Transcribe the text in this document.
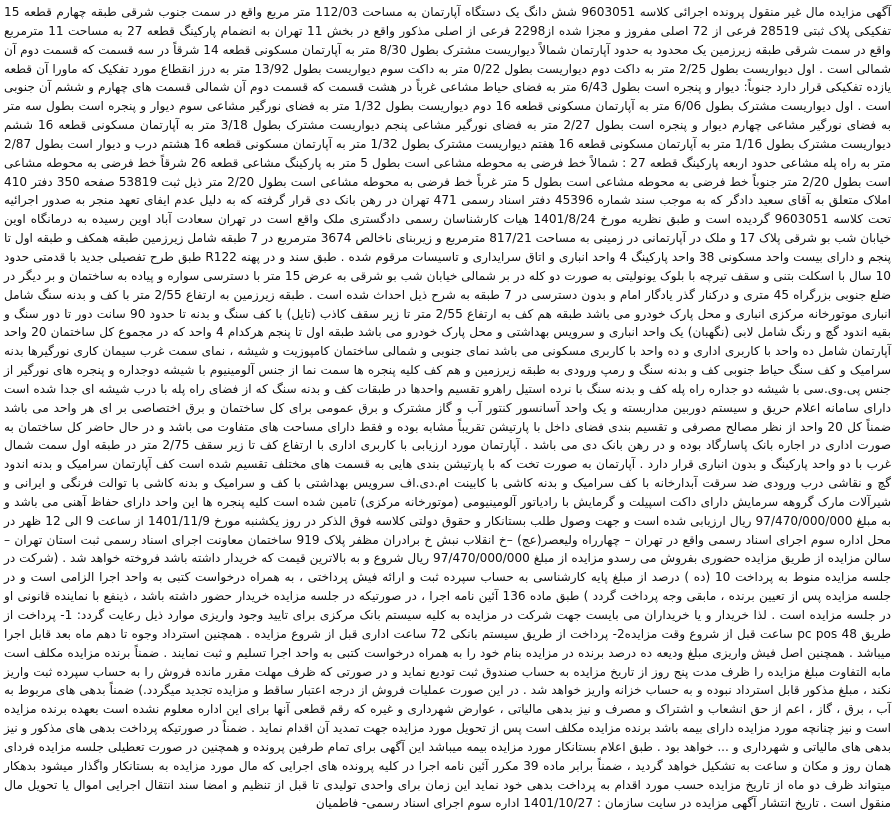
آگهی مزایده مال غیر منقول پرونده اجرائی کلاسه 9603051 شش دانگ یک دستگاه آپارتمان به مساحت 112/03 متر مربع واقع در سمت جنوب شرقی طبقه چهارم قطعه 15 تفکیکی پلاک ثبتی 28519 فرعی از 72 اصلی مفروز و مجزا شده از2298 فرعی از اصلی مذکور واقع در بخش 11 تهران به انضمام پارکینگ قطعه 27 به مساحت 11 مترمربع واقع در سمت شرقی طبقه زیرزمین یک محدود به حدود آپارتمان شمالاً دیواریست مشترک بطول 8/30 متر به آپارتمان مسکونی قطعه 14 شرقاً در سه قسمت که قسمت دوم آن شمالی است . اول دیواریست بطول 2/25 متر به داکت دوم دیواریست بطول 0/22 متر به داکت سوم دیواریست بطول 13/92 متر به درز انقطاع مورد تفکیک که ماورا آن قطعه یازده تفکیکی قرار دارد جنوباً: دیوار و پنجره است بطول 6/43 متر به فضای حیاط مشاعی غرباً در هشت قسمت که قسمت دوم آن شمالی قسمت های چهارم و ششم آن جنوبی است . اول دیواریست مشترک بطول 6/06 متر به آپارتمان مسکونی قطعه 16 دوم دیواریست بطول 1/32 متر به فضای نورگیر مشاعی سوم دیوار و پنجره است بطول سه متر به فضای نورگیر مشاعی چهارم دیوار و پنجره است بطول 2/27 متر به فضای نورگیر مشاعی پنجم دیواریست مشترک بطول 3/18 متر به آپارتمان مسکونی قطعه 16 ششم دیواریست مشترک بطول 1/16 متر به آپارتمان مسکونی قطعه 16 هفتم دیواریست مشترک بطول 1/32 متر به آپارتمان مسکونی قطعه 16 هشتم درب و دیوار است بطول 2/87 متر به راه پله مشاعی حدود اربعه پارکینگ قطعه 27 : شمالاً خط فرضی به محوطه مشاعی است بطول 5 متر به پارکینگ مشاعی قطعه 26 شرقاً خط فرضی به محوطه مشاعی است بطول 2/20 متر جنوباً خط فرضی به محوطه مشاعی است بطول 5 متر غرباً خط فرضی به محوطه مشاعی است بطول 2/20 متر ذیل ثبت 53819 صفحه 350 دفتر 410 املاک متعلق به آقای سعید دادگر که به موجب سند شماره 45396 دفتر اسناد رسمی 471 تهران در رهن بانک دی قرار گرفته که به دلیل عدم ایفای تعهد منجر به صدور اجرائیه تحت کلاسه 9603051 گردیده است و طبق نظریه مورخ 1401/8/24 هیات کارشناسان رسمی دادگستری ملک واقع است در تهران سعادت آباد اوین رسیده به درمانگاه اوین خیابان شب بو شرقی پلاک 17 و ملک در آپارتمانی در زمینی به مساحت 817/21 مترمربع و زیربنای ناخالص 3674 مترمربع در 7 طبقه شامل زیرزمین طبقه همکف و طبقه اول تا پنجم و دارای بیست واحد مسکونی 38 واحد پارکینگ 4 واحد انباری و اتاق سرایداری و تاسیسات مرقوم شده . طبق سند و در پهنه R122 طبق طرح تفصیلی جدید با قدمتی حدود 10 سال با اسکلت بتنی و سقف تیرچه با بلوک یونولیتی به صورت دو کله در بر شمالی خیابان شب بو شرقی به عرض 15 متر با دسترسی سواره و پیاده به ساختمان و بر دیگر در ضلع جنوبی بزرگراه 45 متری و درکنار گذر یادگار امام و بدون دسترسی در 7 طبقه به شرح ذیل احداث شده است . طبقه زیرزمین به ارتفاع 2/55 متر با کف و بدنه سنگ شامل انباری موتورخانه مرکزی انباری و محل پارک خودرو می باشد طبقه هم کف به ارتفاع 2/55 متر تا زیر سقف کاذب (تایل) با کف سنگ و بدنه تا حدود 90 سانت دور تا دور سنگ و بقیه اندود گچ و رنگ شامل لابی (نگهبان) یک واحد انباری و سرویس بهداشتی و محل پارک خودرو می باشد طبقه اول تا پنجم هرکدام 4 واحد که در مجموع کل ساختمان 20 واحد آپارتمان شامل ده واحد با کاربری اداری و ده واحد با کاربری مسکونی می باشد نمای جنوبی و شمالی ساختمان کامپوزیت و شیشه ، نمای سمت غرب سیمان کاری نورگیرها بدنه سرامیک و کف سنگ حیاط جنوبی کف و بدنه سنگ و رمپ ورودی به طبقه زیرزمین و هم کف کلیه پنجره ها سمت نما از جنس آلومینیوم با شیشه دوجداره و پنجره های نورگیر از جنس پی.وی.سی با شیشه دو جداره راه پله کف و بدنه سنگ با نرده استیل راهرو تقسیم واحدها در طبقات کف و بدنه سنگ که از فضای راه پله با درب شیشه ای جدا شده است دارای سامانه اعلام حریق و سیستم دوربین مداربسته و یک واحد آسانسور کنتور آب و گاز مشترک و برق عمومی برای کل ساختمان و برق اختصاصی بر ای هر واحد می باشد ضمناً کل 20 واحد از نظر مصالح مصرفی و تقسیم بندی فضای داخل با پارتیشن تقریباً مشابه بوده و فقط دارای مساحت های متفاوت می باشد و در حال حاضر کل ساختمان به صورت اداری در اجاره بانک پاسارگاد بوده و در رهن بانک دی می باشد . آپارتمان مورد ارزیابی با کاربری اداری با ارتفاع کف تا زیر سقف 2/75 متر در طبقه اول سمت شمال غرب با دو واحد پارکینگ و بدون انباری قرار دارد . آپارتمان به صورت تخت که با پارتیشن بندی هایی به قسمت های مختلف تقسیم شده است کف آپارتمان سرامیک و بدنه اندود گچ و نقاشی درب ورودی ضد سرقت آبدارخانه با کف سرامیک و بدنه کاشی با کابینت ام.دی.اف سرویس بهداشتی با کف و سرامیک و بدنه کاشی با توالت فرنگی و ایرانی و شیرآلات مارک گروهه سرمایش دارای داکت اسپیلت و گرمایش با رادیاتور آلومینیومی (موتورخانه مرکزی) تامین شده است کلیه پنجره ها این واحد دارای حفاظ آهنی می باشد و به مبلغ 97/470/000/000 ریال ارزیابی شده است و جهت وصول طلب بستانکار و حقوق دولتی کلاسه فوق الذکر در روز یکشنبه مورخ 1401/11/9 از ساعت 9 الی 12 ظهر در محل اداره سوم اجرای اسناد رسمی واقع در تهران – چهارراه ولیعصر(عج) –خ انقلاب نبش خ برادران مظفر پلاک 919 ساختمان معاونت اجرای اسناد رسمی ثبت استان تهران – سالن مزایده از طریق مزایده حضوری بفروش می رسدو مزایده از مبلغ 97/470/000/000 ریال شروع و به بالاترین قیمت که خریدار داشته باشد فروخته خواهد شد . (شرکت در جلسه مزایده منوط به پرداخت 10 (ده ) درصد از مبلغ پایه کارشناسی به حساب سپرده ثبت و ارائه فیش پرداختی ، به همراه درخواست کتبی به واحد اجرا الزامی است و در جلسه مزایده پس از تعیین برنده ، مابقی وجه پرداخت گردد ) طبق ماده 136 آئین نامه اجرا ، در صورتیکه در جلسه مزایده خریدار حضور داشته باشد ، ذینفع با نماینده قانونی او در جلسه مزایده است . لذا خریدار و یا خریداران می بایست جهت شرکت در مزایده به کلیه سیستم بانک مرکزی برای تایید وجود واریزی موارد ذیل رعایت گردد: 1- پرداخت از طریق 48 pc pos ساعت قبل از شروع وقت مزایده2- پرداخت از طریق سیستم بانکی 72 ساعت اداری قبل از شروع مزایده . همچنین استرداد وجوه تا دهم ماه بعد قابل اجرا میباشد . همچنین اصل فیش واریزی مبلغ ودیعه ده درصد برنده در مزایده بنام خود را به همراه درخواست کتبی به واحد اجرا تسلیم و ثبت نمایند . ضمناً برنده مزایده مکلف است مابه التفاوت مبلغ مزایده را ظرف مدت پنج روز از تاریخ مزایده به حساب صندوق ثبت تودیع نماید و در صورتی که ظرف مهلت مقرر مانده فروش را به حساب سپرده ثبت واریز نکند ، مبلغ مذکور قابل استرداد نبوده و به حساب خزانه واریز خواهد شد . در این صورت عملیات فروش از درجه اعتبار ساقط و مزایده تجدید میگردد.) ضمناً بدهی های مربوط به آب ، برق ، گاز ، اعم از حق انشعاب و اشتراک و مصرف و نیز بدهی مالیاتی ، عوارض شهرداری و غیره که رقم قطعی آنها برای این اداره معلوم نشده است بعهده برنده مزایده است و نیز چنانچه مورد مزایده دارای بیمه باشد برنده مزایده مکلف است پس از تحویل مورد مزایده جهت تمدید آن اقدام نماید . ضمناً در صورتیکه پرداخت بدهی های مذکور و نیز بدهی های مالیاتی و شهرداری و ... خواهد بود . طبق اعلام بستانکار مورد مزایده بیمه میباشد این آگهی برای تمام طرفین پرونده و همچنین در صورت تعطیلی جلسه مزایده فردای همان روز و مکان و ساعت به تشکیل خواهد گردید ، ضمناً برابر ماده 39 مکرر آئین نامه اجرا در کلیه پرونده های اجرایی که مال مورد مزایده به بستانکار واگذار میشود بدهکار میتواند ظرف دو ماه از تاریخ مزایده حسب مورد اقدام به پرداخت بدهی خود نماید این زمان برای واحدی تولیدی تا قبل از تنظیم و امضا سند انتقال اجرایی اموال یا تحویل مال منقول است . تاریخ انتشار آگهی مزایده در سایت سازمان : 1401/10/27 اداره سوم اجرای اسناد رسمی- فاطمیان
